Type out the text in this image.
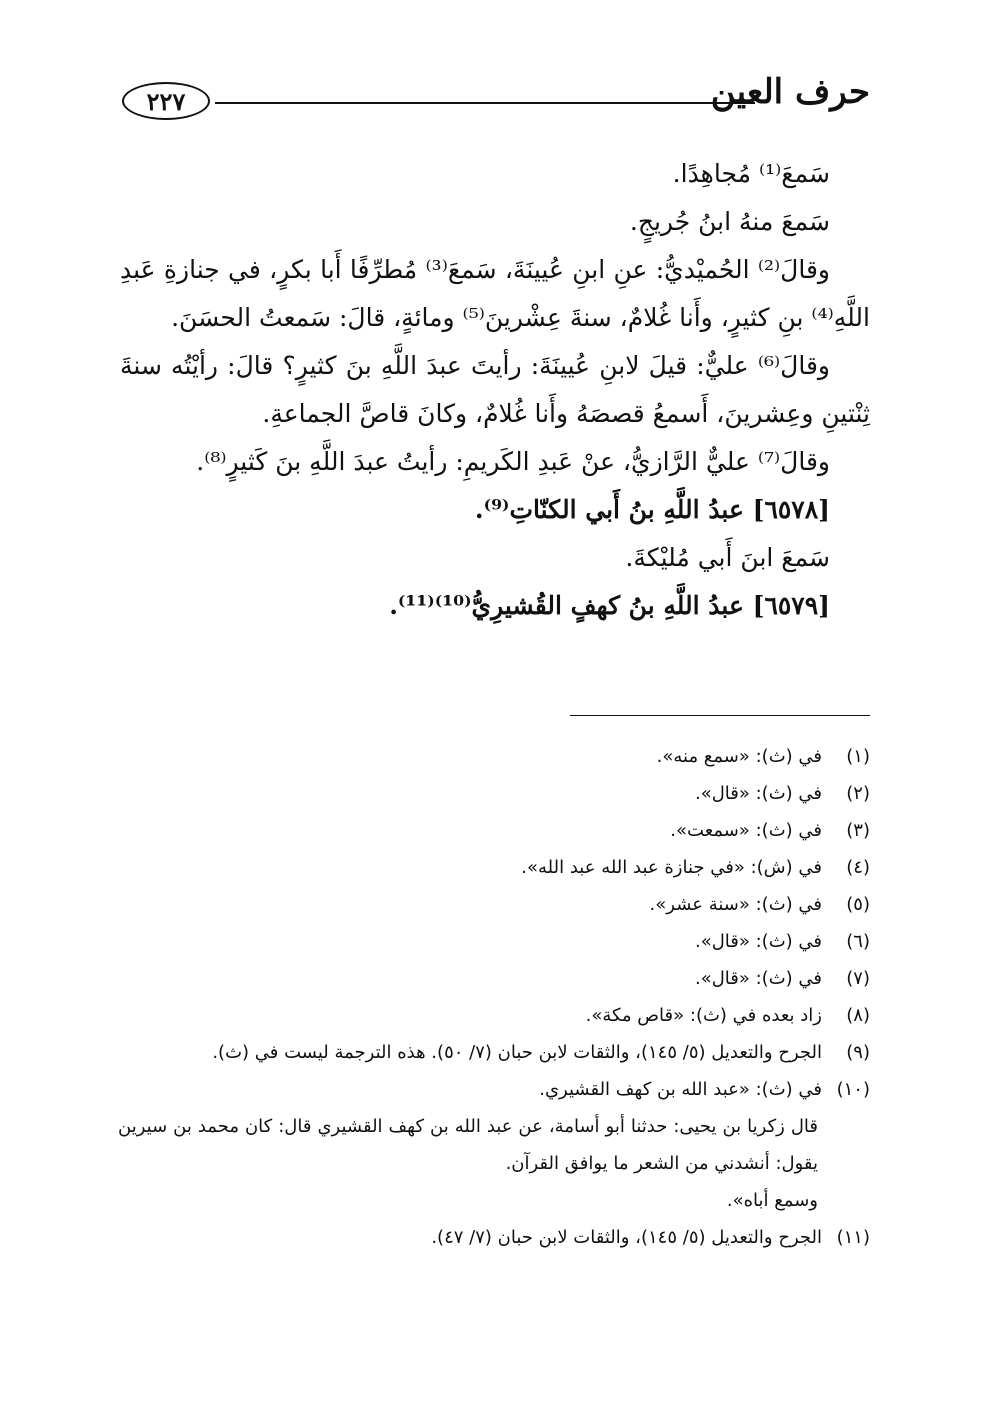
٢٢٧	حرف العين

سَمعَ⁽¹⁾ مُجاهِدًا.

سَمعَ منهُ ابنُ جُريجٍ.

وقالَ⁽²⁾ الحُميْديُّ: عنِ ابنِ عُيينَةَ، سَمعَ⁽³⁾ مُطرِّفًا أَبا بكرٍ، في جنازةِ عَبدِ اللَّهِ⁽⁴⁾ بنِ كثيرٍ، وأَنا غُلامٌ، سنةَ عِشْرينَ⁽⁵⁾ ومائةٍ، قالَ: سَمعتُ الحسَنَ.

وقالَ⁽⁶⁾ عليٌّ: قيلَ لابنِ عُيينَةَ: رأيتَ عبدَ اللَّهِ بنَ كثيرٍ؟ قالَ: رأيْتُه سنةَ ثِنْتينِ وعِشرينَ، أَسمعُ قصصَهُ وأَنا غُلامٌ، وكانَ قاصَّ الجماعةِ.

وقالَ⁽⁷⁾ عليٌّ الرَّازيُّ، عنْ عَبدِ الكَريمِ: رأيتُ عبدَ اللَّهِ بنَ كَثيرٍ⁽⁸⁾.

[٦٥٧٨] عبدُ اللَّهِ بنُ أَبي الكنّاتِ⁽⁹⁾.

سَمعَ ابنَ أَبي مُليْكةَ.

[٦٥٧٩] عبدُ اللَّهِ بنُ كهفٍ القُشيرِيُّ⁽¹⁰⁾⁽¹¹⁾.

(١)
في (ث): «سمع منه».
(٢)
في (ث): «قال».
(٣)
في (ث): «سمعت».
(٤)
في (ش): «في جنازة عبد الله عبد الله».
(٥)
في (ث): «سنة عشر».
(٦)
في (ث): «قال».
(٧)
في (ث): «قال».
(٨)
زاد بعده في (ث): «قاص مكة».
(٩)
الجرح والتعديل (٥/ ١٤٥)، والثقات لابن حبان (٧/ ٥٠). هذه الترجمة ليست في (ث).
(١٠)
في (ث): «عبد الله بن كهف القشيري.
قال زكريا بن يحيى: حدثنا أبو أسامة، عن عبد الله بن كهف القشيري قال: كان محمد بن سيرين يقول: أنشدني من الشعر ما يوافق القرآن.
وسمع أباه».
(١١)
الجرح والتعديل (٥/ ١٤٥)، والثقات لابن حبان (٧/ ٤٧).
